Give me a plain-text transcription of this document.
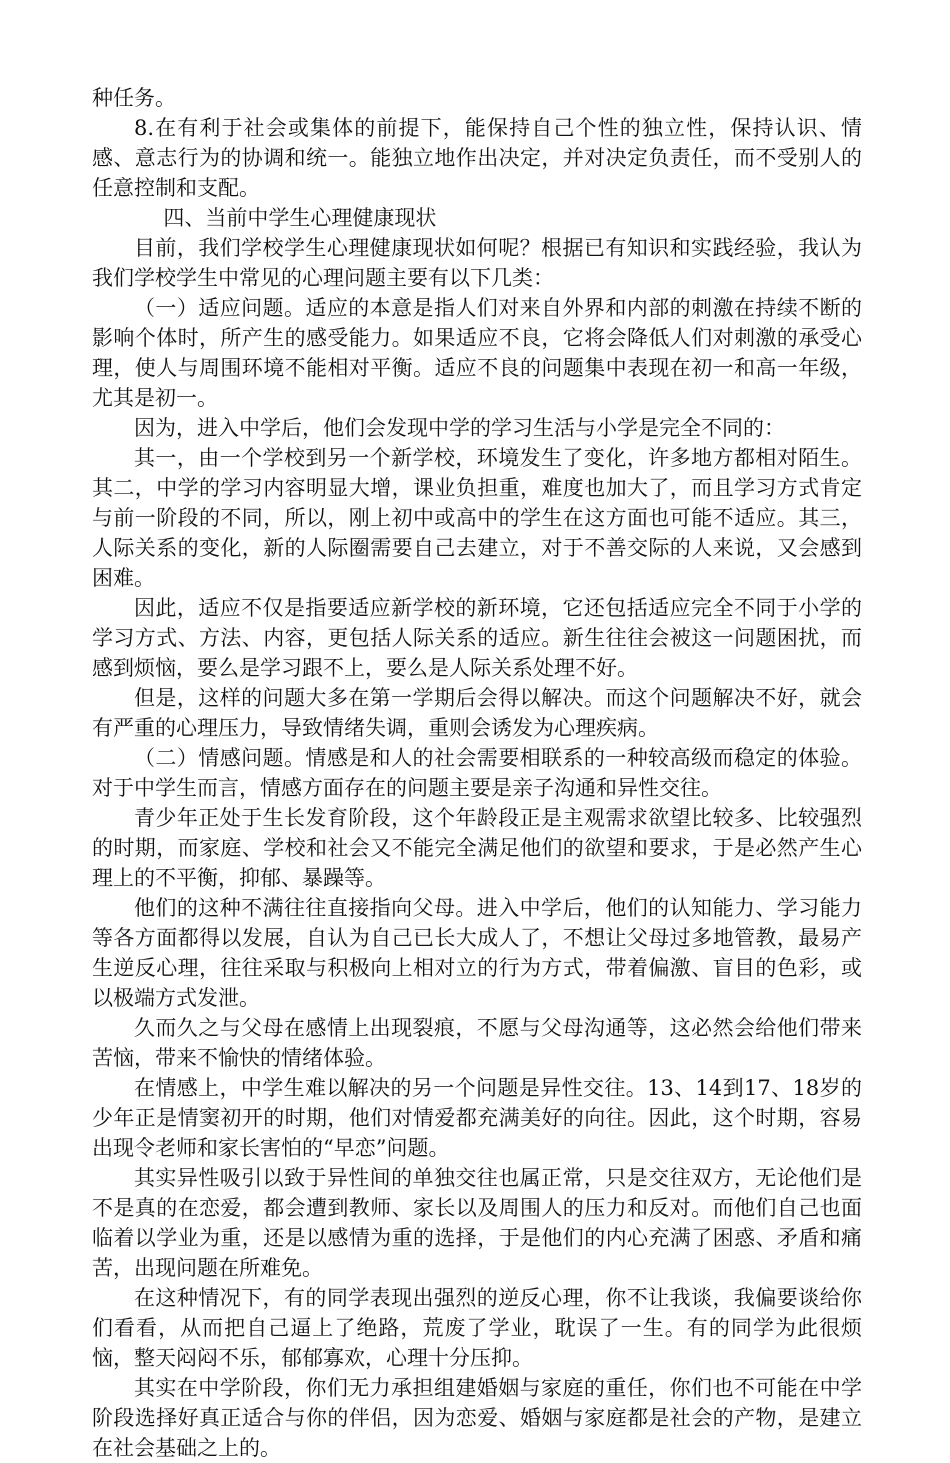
种任务。

8.在有利于社会或集体的前提下，能保持自己个性的独立性，保持认识、情感、意志行为的协调和统一。能独立地作出决定，并对决定负责任，而不受别人的任意控制和支配。

四、当前中学生心理健康现状

目前，我们学校学生心理健康现状如何呢？根据已有知识和实践经验，我认为我们学校学生中常见的心理问题主要有以下几类：

（一）适应问题。适应的本意是指人们对来自外界和内部的刺激在持续不断的影响个体时，所产生的感受能力。如果适应不良，它将会降低人们对刺激的承受心理，使人与周围环境不能相对平衡。适应不良的问题集中表现在初一和高一年级，尤其是初一。

因为，进入中学后，他们会发现中学的学习生活与小学是完全不同的：

其一，由一个学校到另一个新学校，环境发生了变化，许多地方都相对陌生。其二，中学的学习内容明显大增，课业负担重，难度也加大了，而且学习方式肯定与前一阶段的不同，所以，刚上初中或高中的学生在这方面也可能不适应。其三，人际关系的变化，新的人际圈需要自己去建立，对于不善交际的人来说，又会感到困难。

因此，适应不仅是指要适应新学校的新环境，它还包括适应完全不同于小学的学习方式、方法、内容，更包括人际关系的适应。新生往往会被这一问题困扰，而感到烦恼，要么是学习跟不上，要么是人际关系处理不好。

但是，这样的问题大多在第一学期后会得以解决。而这个问题解决不好，就会有严重的心理压力，导致情绪失调，重则会诱发为心理疾病。

（二）情感问题。情感是和人的社会需要相联系的一种较高级而稳定的体验。对于中学生而言，情感方面存在的问题主要是亲子沟通和异性交往。

青少年正处于生长发育阶段，这个年龄段正是主观需求欲望比较多、比较强烈的时期，而家庭、学校和社会又不能完全满足他们的欲望和要求，于是必然产生心理上的不平衡，抑郁、暴躁等。

他们的这种不满往往直接指向父母。进入中学后，他们的认知能力、学习能力等各方面都得以发展，自认为自己已长大成人了，不想让父母过多地管教，最易产生逆反心理，往往采取与积极向上相对立的行为方式，带着偏激、盲目的色彩，或以极端方式发泄。

久而久之与父母在感情上出现裂痕，不愿与父母沟通等，这必然会给他们带来苦恼，带来不愉快的情绪体验。

在情感上，中学生难以解决的另一个问题是异性交往。13、14到17、18岁的少年正是情窦初开的时期，他们对情爱都充满美好的向往。因此，这个时期，容易出现令老师和家长害怕的“早恋”问题。

其实异性吸引以致于异性间的单独交往也属正常，只是交往双方，无论他们是不是真的在恋爱，都会遭到教师、家长以及周围人的压力和反对。而他们自己也面临着以学业为重，还是以感情为重的选择，于是他们的内心充满了困惑、矛盾和痛苦，出现问题在所难免。

在这种情况下，有的同学表现出强烈的逆反心理，你不让我谈，我偏要谈给你们看看，从而把自己逼上了绝路，荒废了学业，耽误了一生。有的同学为此很烦恼，整天闷闷不乐，郁郁寡欢，心理十分压抑。

其实在中学阶段，你们无力承担组建婚姻与家庭的重任，你们也不可能在中学阶段选择好真正适合与你的伴侣，因为恋爱、婚姻与家庭都是社会的产物，是建立在社会基础之上的。
